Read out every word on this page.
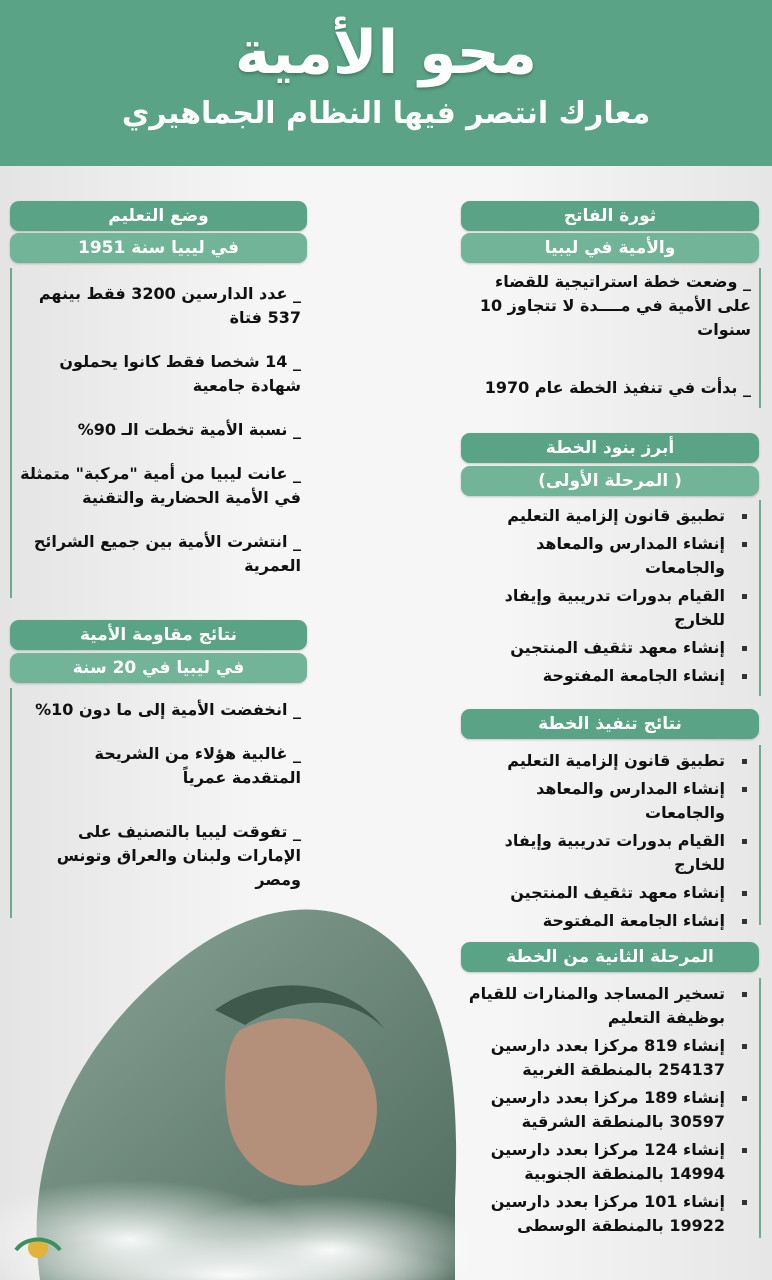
محو الأمية
معارك انتصر فيها النظام الجماهيري
ثورة الفاتح
والأمية في ليبيا
_ وضعت خطة استراتيجية للقضاء على الأمية في مــــدة لا تتجاوز 10 سنوات
_ بدأت في تنفيذ الخطة عام 1970
أبرز بنود الخطة
(المرحلة الأولى )
تطبيق قانون إلزامية التعليم
إنشاء المدارس والمعاهد والجامعات
القيام بدورات تدريبية وإيفاد للخارج
إنشاء معهد تثقيف المنتجين
إنشاء الجامعة المفتوحة
نتائج تنفيذ الخطة
تطبيق قانون إلزامية التعليم
إنشاء المدارس والمعاهد والجامعات
القيام بدورات تدريبية وإيفاد للخارج
إنشاء معهد تثقيف المنتجين
إنشاء الجامعة المفتوحة
المرحلة الثانية من الخطة
تسخير المساجد والمنارات للقيام بوظيفة التعليم
إنشاء 819 مركزا بعدد دارسين 254137 بالمنطقة الغربية
إنشاء 189 مركزا بعدد دارسين 30597 بالمنطقة الشرقية
إنشاء 124 مركزا بعدد دارسين 14994 بالمنطقة الجنوبية
إنشاء 101 مركزا بعدد دارسين 19922 بالمنطقة الوسطى
وضع التعليم
في ليبيا سنة 1951
_ عدد الدارسين 3200 فقط بينهم 537 فتاة
_ 14 شخصا فقط كانوا يحملون شهادة جامعية
_ نسبة الأمية تخطت الـ 90%
_ عانت ليبيا من أمية "مركبة" متمثلة في الأمية الحضارية والتقنية
_ انتشرت الأمية بين جميع الشرائح العمرية
نتائج مقاومة الأمية
في ليبيا في 20 سنة
_ انخفضت الأمية إلى ما دون 10%
_ غالبية هؤلاء من الشريحة المتقدمة عمرياً
_ تفوقت ليبيا بالتصنيف على الإمارات ولبنان والعراق وتونس ومصر
